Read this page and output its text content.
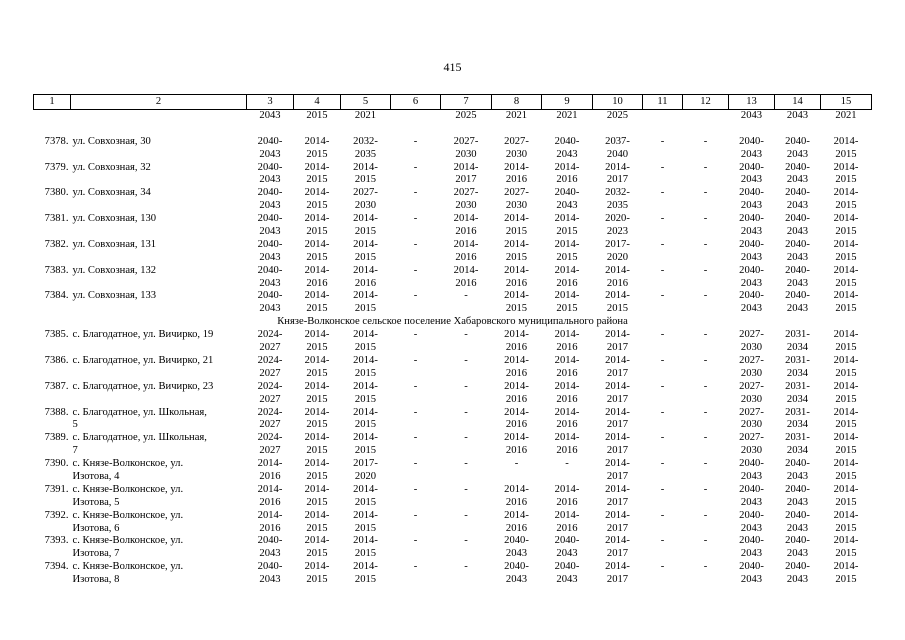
415
1	2	3	4	5	6	7	8	9	10	11	12	13	14	15

		2043	2015	2021		2025	2021	2021	2025			2043	2043	2021

7378.	ул. Совхозная, 30	2040-
2043	2014-
2015	2032-
2035	-	2027-
2030	2027-
2030	2040-
2043	2037-
2040	-	-	2040-
2043	2040-
2043	2014-
2015

7379.	ул. Совхозная, 32	2040-
2043	2014-
2015	2014-
2015	-	2014-
2017	2014-
2016	2014-
2016	2014-
2017	-	-	2040-
2043	2040-
2043	2014-
2015

7380.	ул. Совхозная, 34	2040-
2043	2014-
2015	2027-
2030	-	2027-
2030	2027-
2030	2040-
2043	2032-
2035	-	-	2040-
2043	2040-
2043	2014-
2015

7381.	ул. Совхозная, 130	2040-
2043	2014-
2015	2014-
2015	-	2014-
2016	2014-
2015	2014-
2015	2020-
2023	-	-	2040-
2043	2040-
2043	2014-
2015

7382.	ул. Совхозная, 131	2040-
2043	2014-
2015	2014-
2015	-	2014-
2016	2014-
2015	2014-
2015	2017-
2020	-	-	2040-
2043	2040-
2043	2014-
2015

7383.	ул. Совхозная, 132	2040-
2043	2014-
2016	2014-
2016	-	2014-
2016	2014-
2016	2014-
2016	2014-
2016	-	-	2040-
2043	2040-
2043	2014-
2015

7384.	ул. Совхозная, 133	2040-
2043	2014-
2015	2014-
2015	-	-	2014-
2015	2014-
2015	2014-
2015	-	-	2040-
2043	2040-
2043	2014-
2015

Князе-Волконское сельское поселение Хабаровского муниципального района														
7385.	с. Благодатное, ул. Вичирко, 19	2024-
2027	2014-
2015	2014-
2015	-	-	2014-
2016	2014-
2016	2014-
2017	-	-	2027-
2030	2031-
2034	2014-
2015

7386.	с. Благодатное, ул. Вичирко, 21	2024-
2027	2014-
2015	2014-
2015	-	-	2014-
2016	2014-
2016	2014-
2017	-	-	2027-
2030	2031-
2034	2014-
2015

7387.	с. Благодатное, ул. Вичирко, 23	2024-
2027	2014-
2015	2014-
2015	-	-	2014-
2016	2014-
2016	2014-
2017	-	-	2027-
2030	2031-
2034	2014-
2015

7388.	с. Благодатное, ул. Школьная,
5	2024-
2027	2014-
2015	2014-
2015	-	-	2014-
2016	2014-
2016	2014-
2017	-	-	2027-
2030	2031-
2034	2014-
2015

7389.	с. Благодатное, ул. Школьная,
7	2024-
2027	2014-
2015	2014-
2015	-	-	2014-
2016	2014-
2016	2014-
2017	-	-	2027-
2030	2031-
2034	2014-
2015

7390.	с. Князе-Волконское, ул.
Изотова, 4	2014-
2016	2014-
2015	2017-
2020	-	-	-	-	2014-
2017	-	-	2040-
2043	2040-
2043	2014-
2015

7391.	с. Князе-Волконское, ул.
Изотова, 5	2014-
2016	2014-
2015	2014-
2015	-	-	2014-
2016	2014-
2016	2014-
2017	-	-	2040-
2043	2040-
2043	2014-
2015

7392.	с. Князе-Волконское, ул.
Изотова, 6	2014-
2016	2014-
2015	2014-
2015	-	-	2014-
2016	2014-
2016	2014-
2017	-	-	2040-
2043	2040-
2043	2014-
2015

7393.	с. Князе-Волконское, ул.
Изотова, 7	2040-
2043	2014-
2015	2014-
2015	-	-	2040-
2043	2040-
2043	2014-
2017	-	-	2040-
2043	2040-
2043	2014-
2015

7394.	с. Князе-Волконское, ул.
Изотова, 8	2040-
2043	2014-
2015	2014-
2015	-	-	2040-
2043	2040-
2043	2014-
2017	-	-	2040-
2043	2040-
2043	2014-
2015
